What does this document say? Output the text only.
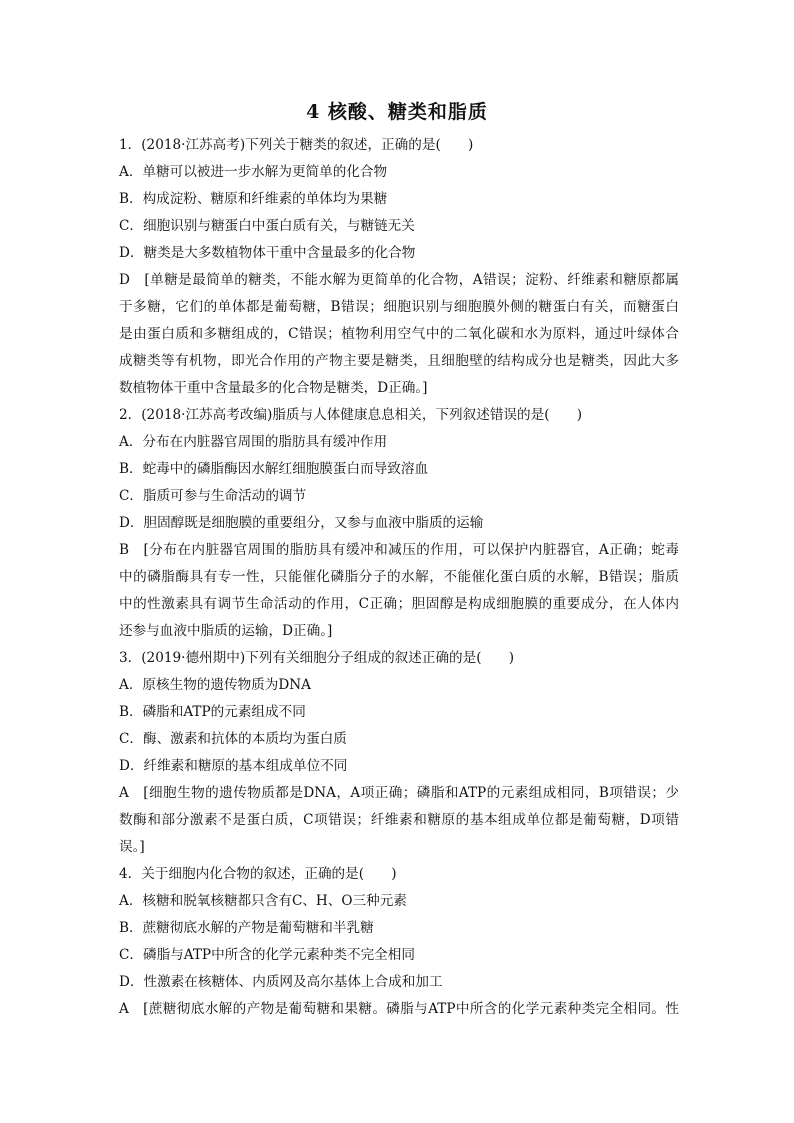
4 核酸、糖类和脂质
1．(2018·江苏高考)下列关于糖类的叙述，正确的是(　　)
A．单糖可以被进一步水解为更简单的化合物
B．构成淀粉、糖原和纤维素的单体均为果糖
C．细胞识别与糖蛋白中蛋白质有关，与糖链无关
D．糖类是大多数植物体干重中含量最多的化合物
D　[单糖是最简单的糖类，不能水解为更简单的化合物，A错误；淀粉、纤维素和糖原都属
于多糖，它们的单体都是葡萄糖，B错误；细胞识别与细胞膜外侧的糖蛋白有关，而糖蛋白
是由蛋白质和多糖组成的，C错误；植物利用空气中的二氧化碳和水为原料，通过叶绿体合
成糖类等有机物，即光合作用的产物主要是糖类，且细胞壁的结构成分也是糖类，因此大多
数植物体干重中含量最多的化合物是糖类，D正确。]
2．(2018·江苏高考改编)脂质与人体健康息息相关，下列叙述错误的是(　　)
A．分布在内脏器官周围的脂肪具有缓冲作用
B．蛇毒中的磷脂酶因水解红细胞膜蛋白而导致溶血
C．脂质可参与生命活动的调节
D．胆固醇既是细胞膜的重要组分，又参与血液中脂质的运输
B　[分布在内脏器官周围的脂肪具有缓冲和减压的作用，可以保护内脏器官，A正确；蛇毒
中的磷脂酶具有专一性，只能催化磷脂分子的水解，不能催化蛋白质的水解，B错误；脂质
中的性激素具有调节生命活动的作用，C正确；胆固醇是构成细胞膜的重要成分，在人体内
还参与血液中脂质的运输，D正确。]
3．(2019·德州期中)下列有关细胞分子组成的叙述正确的是(　　)
A．原核生物的遗传物质为DNA
B．磷脂和ATP的元素组成不同
C．酶、激素和抗体的本质均为蛋白质
D．纤维素和糖原的基本组成单位不同
A　[细胞生物的遗传物质都是DNA，A项正确；磷脂和ATP的元素组成相同，B项错误；少
数酶和部分激素不是蛋白质，C项错误；纤维素和糖原的基本组成单位都是葡萄糖，D项错
误。]
4．关于细胞内化合物的叙述，正确的是(　　)
A．核糖和脱氧核糖都只含有C、H、O三种元素
B．蔗糖彻底水解的产物是葡萄糖和半乳糖
C．磷脂与ATP中所含的化学元素种类不完全相同
D．性激素在核糖体、内质网及高尔基体上合成和加工
A　[蔗糖彻底水解的产物是葡萄糖和果糖。磷脂与ATP中所含的化学元素种类完全相同。性
